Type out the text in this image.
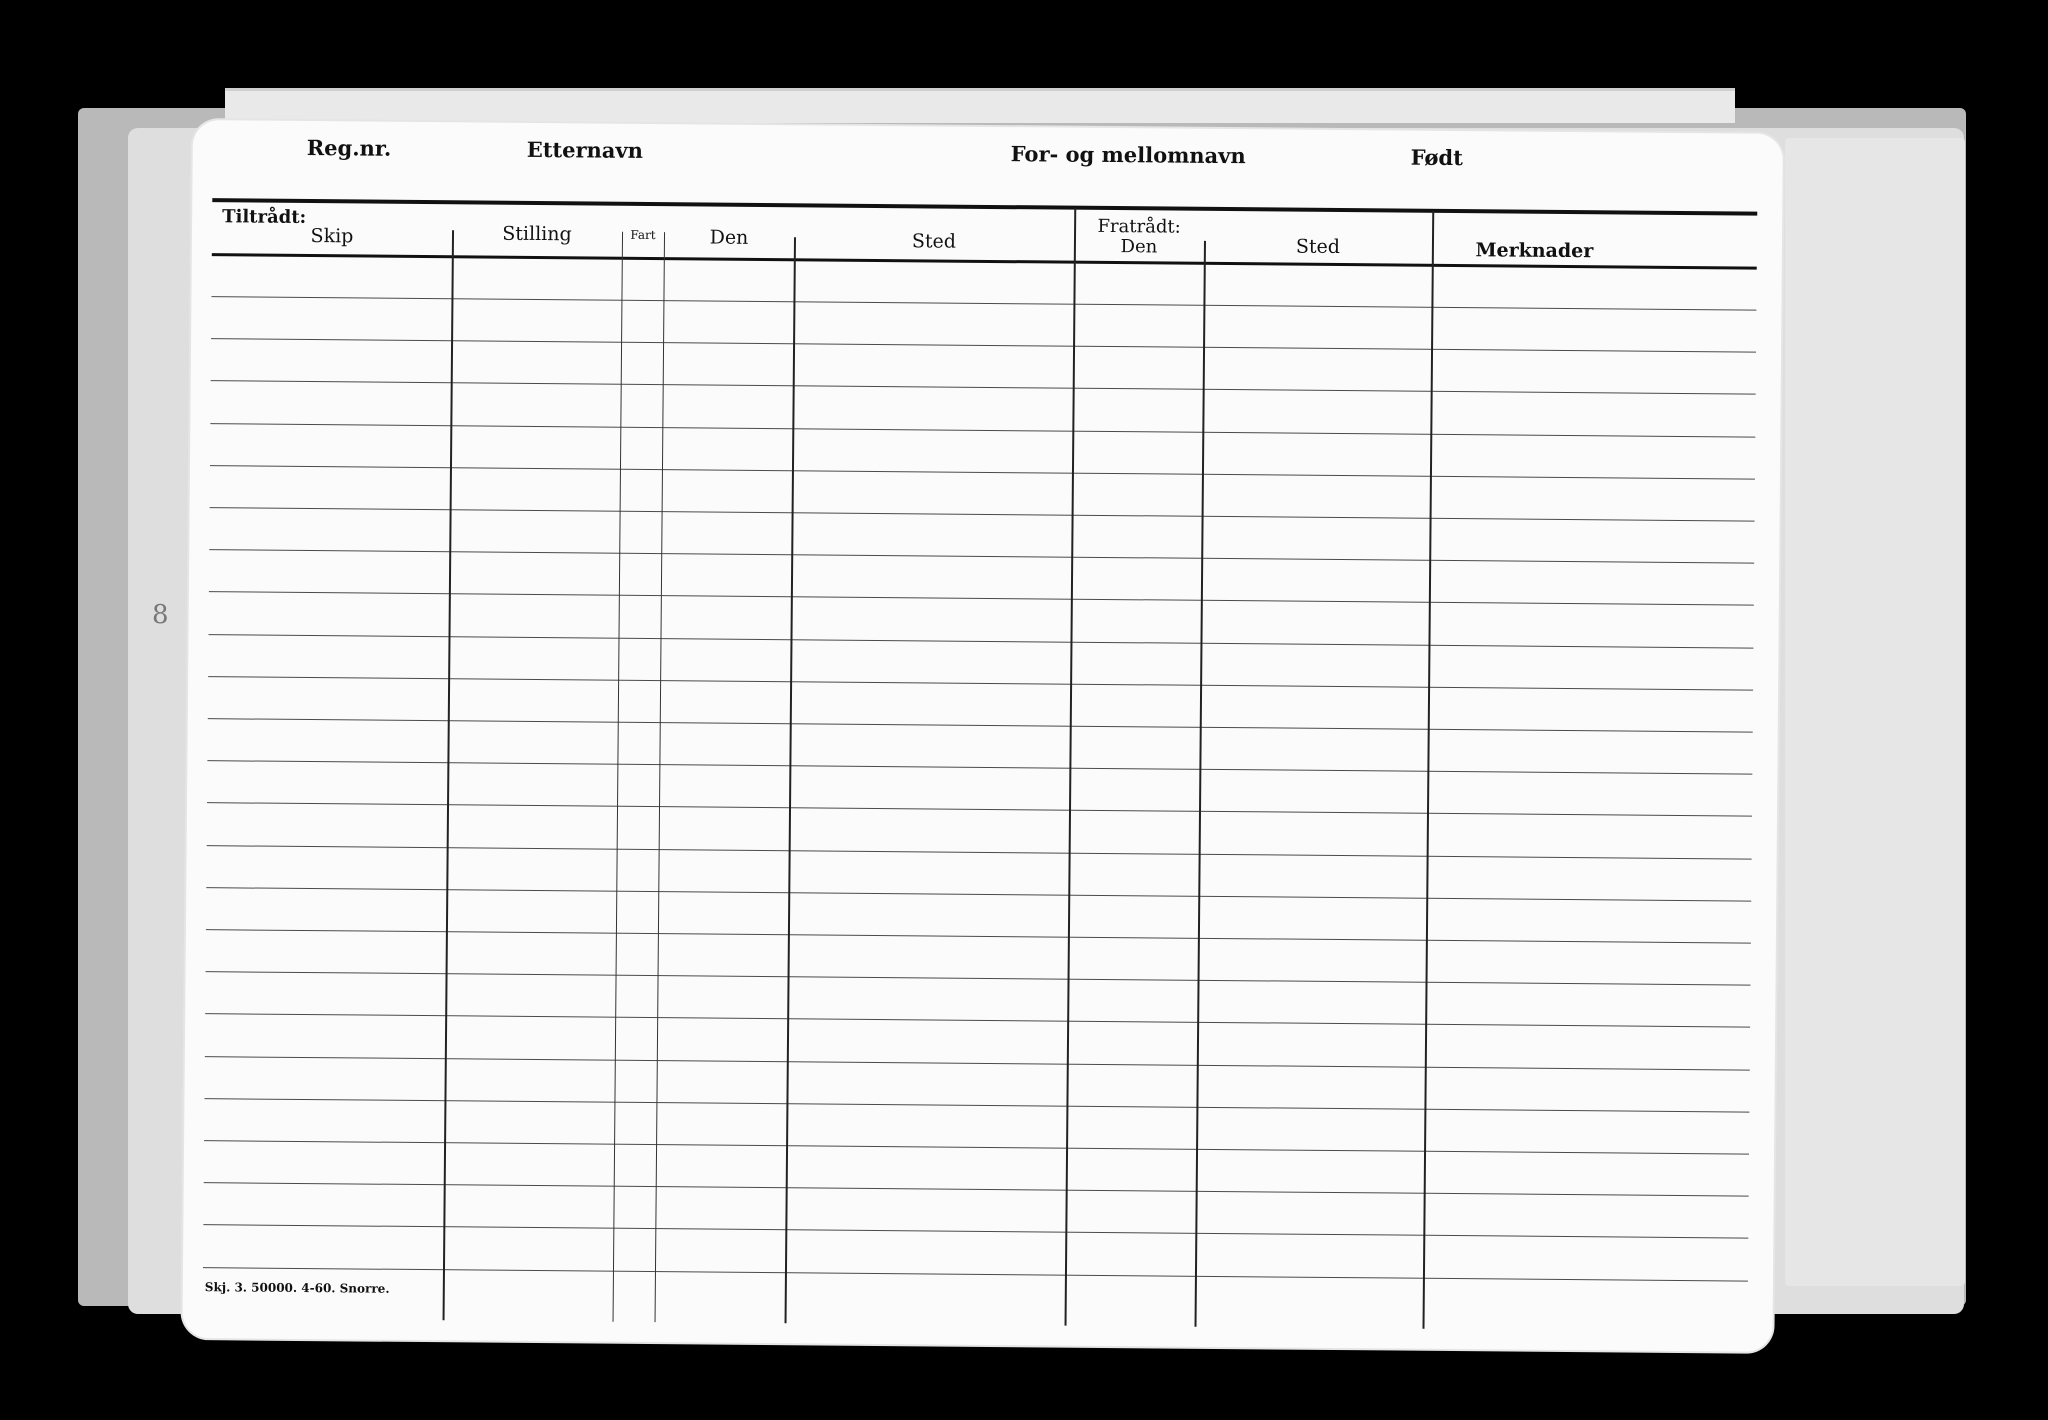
8
Reg.nr.	Etternavn	For- og mellomnavn	Født
Tiltrådt:
Skip	Stilling	Fart	Den	Sted
Fratrådt:
Den	Sted	Merknader
Skj. 3. 50000. 4-60. Snorre.
